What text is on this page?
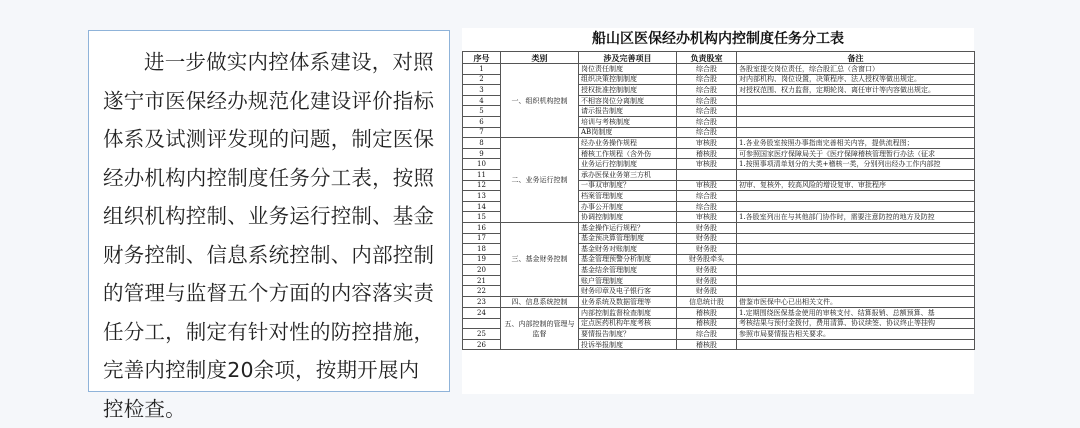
进一步做实内控体系建设，对照遂宁市医保经办规范化建设评价指标体系及试测评发现的问题，制定医保经办机构内控制度任务分工表，按照组织机构控制、业务运行控制、基金财务控制、信息系统控制、内部控制的管理与监督五个方面的内容落实责任分工，制定有针对性的防控措施，完善内控制度20余项，按期开展内控检查。

船山区医保经办机构内控制度任务分工表
序号	类别	涉及完善项目	负责股室	备注
1	一、组织机构控制	岗位责任制度	综合股	各股室提交岗位责任，综合股汇总（含窗口）
2		组织决策控制制度	综合股	对内部机构、岗位设置，决策程序、法人授权等做出规定。
3		授权批准控制制度	综合股	对授权范围、权力监督，定期轮岗、离任审计等内容做出规定。
4		不相容岗位分离制度	综合股	
5		请示报告制度	综合股	
6		培训与考核制度	综合股	
7		AB岗制度	综合股	
8	二、业务运行控制	经办业务操作规程	审核股	1.各业务股室按照办事指南完善相关内容，提供流程图；
9		稽核工作规程（含外伤	稽核股	可参照国家医疗保障局关于《医疗保障稽核管理暂行办法（征求
10		业务运行控制制度	审核股	1.按照事项清单划分的大类+稽核一类，分别列出经办工作内部控
11		承办医保业务第三方机		
12		一事双审制度？	审核股	初审、复核外，较高风险的增设复审、审批程序
13		档案管理制度	综合股	
14		办事公开制度	综合股	
15		协调控制制度	审核股	1.各股室列出在与其他部门协作时，需要注意防控的地方及防控
16	三、基金财务控制	基金操作运行规程？	财务股	
17		基金预决算管理制度	财务股	
18		基金财务对账制度	财务股	
19		基金管理预警分析制度	财务股牵头	
20		基金结余管理制度	财务股	
21		账户管理制度	财务股	
22		财务印章及电子银行客	财务股	
23	四、信息系统控制	业务系统及数据管理等	信息统计股	借鉴市医保中心已出相关文件。
24	五、内部控制的管理与监督	内部控制监督检查制度	稽核股	1.定期围绕医保基金使用的审核支付、结算报销、总额预算、基
		定点医药机构年度考核	稽核股	考核结果与预付金拨付，费用清算、协议续签、协议终止等挂钩
25		要情报告制度？	综合股	参照市局要情报告相关要求。
26		投诉举报制度	稽核股	
